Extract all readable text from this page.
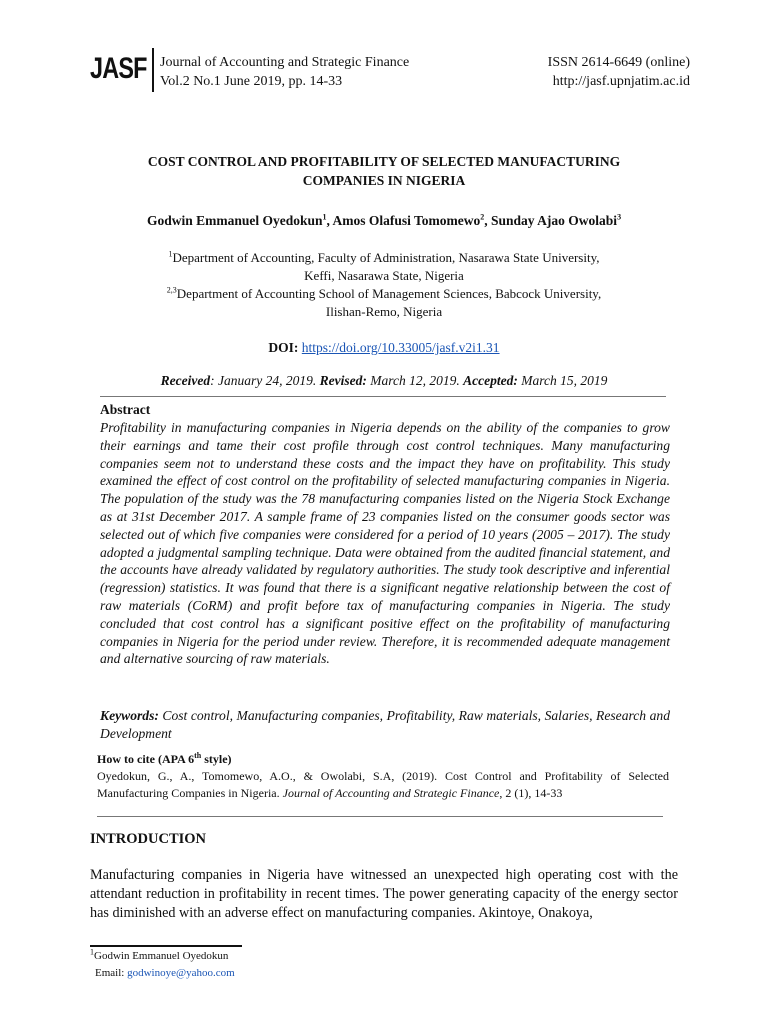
JASF Journal of Accounting and Strategic Finance
Vol.2 No.1 June 2019, pp. 14-33
ISSN 2614-6649 (online)
http://jasf.upnjatim.ac.id
COST CONTROL AND PROFITABILITY OF SELECTED MANUFACTURING
COMPANIES IN NIGERIA
Godwin Emmanuel Oyedokun$^1$, Amos Olafusi Tomomewo$^2$, Sunday Ajao Owolabi$^3$
$^1$Department of Accounting, Faculty of Administration, Nasarawa State University,
Keffi, Nasarawa State, Nigeria
$^{2,3}$Department of Accounting School of Management Sciences, Babcock University,
Ilishan-Remo, Nigeria
DOI: https://doi.org/10.33005/jasf.v2i1.31
Received: January 24, 2019. Revised: March 12, 2019. Accepted: March 15, 2019
Abstract
Profitability in manufacturing companies in Nigeria depends on the ability of the companies to grow their earnings and tame their cost profile through cost control techniques. Many manufacturing companies seem not to understand these costs and the impact they have on profitability. This study examined the effect of cost control on the profitability of selected manufacturing companies in Nigeria. The population of the study was the 78 manufacturing companies listed on the Nigeria Stock Exchange as at 31st December 2017. A sample frame of 23 companies listed on the consumer goods sector was selected out of which five companies were considered for a period of 10 years (2005 – 2017). The study adopted a judgmental sampling technique. Data were obtained from the audited financial statement, and the accounts have already validated by regulatory authorities. The study took descriptive and inferential (regression) statistics. It was found that there is a significant negative relationship between the cost of raw materials (CoRM) and profit before tax of manufacturing companies in Nigeria. The study concluded that cost control has a significant positive effect on the profitability of manufacturing companies in Nigeria for the period under review. Therefore, it is recommended adequate management and alternative sourcing of raw materials.
Keywords: Cost control, Manufacturing companies, Profitability, Raw materials, Salaries, Research and Development
How to cite (APA 6th style)
Oyedokun, G., A., Tomomewo, A.O., & Owolabi, S.A, (2019). Cost Control and Profitability of Selected Manufacturing Companies in Nigeria. Journal of Accounting and Strategic Finance, 2 (1), 14-33
INTRODUCTION
Manufacturing companies in Nigeria have witnessed an unexpected high operating cost with the attendant reduction in profitability in recent times. The power generating capacity of the energy sector has diminished with an adverse effect on manufacturing companies. Akintoye, Onakoya,
$^1$Godwin Emmanuel Oyedokun
Email: godwinoye@yahoo.com
